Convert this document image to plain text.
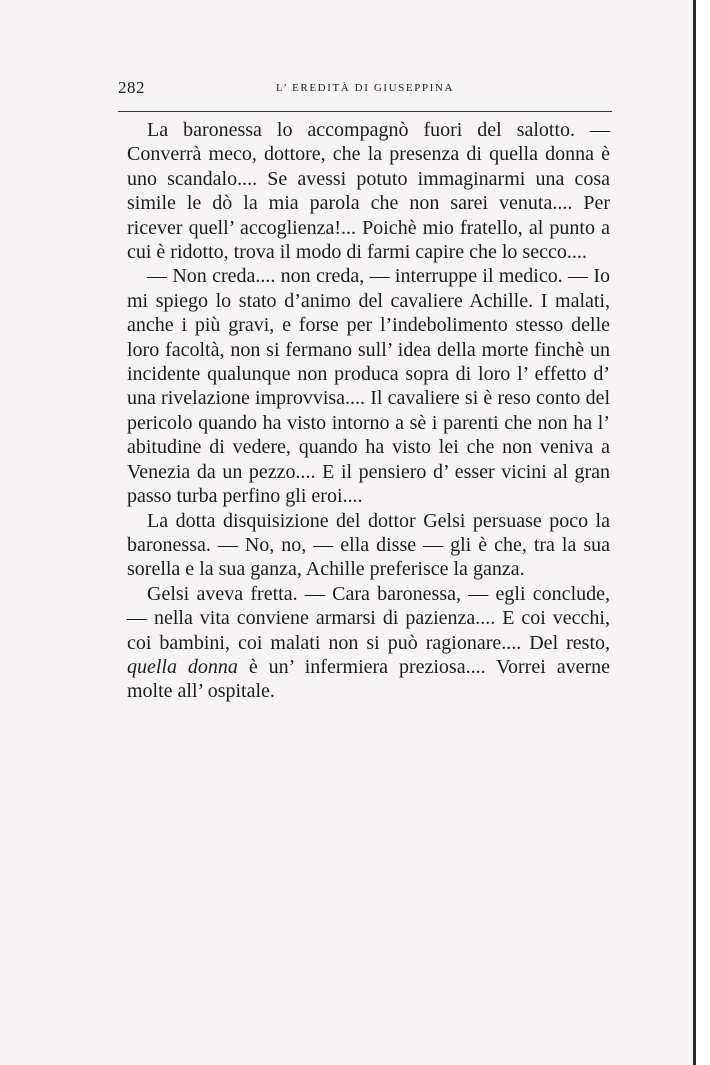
282	L’ EREDITÀ DI GIUSEPPINA

La baronessa lo accompagnò fuori del salotto. — Converrà meco, dottore, che la presenza di quella donna è uno scandalo.... Se avessi potuto immaginarmi una cosa simile le dò la mia parola che non sarei venuta.... Per ricever quell’ accoglienza!... Poichè mio fratello, al punto a cui è ridotto, trova il modo di farmi capire che lo secco....

— Non creda.... non creda, — interruppe il medico. — Io mi spiego lo stato d’animo del cavaliere Achille. I malati, anche i più gravi, e forse per l’indebolimento stesso delle loro facoltà, non si fermano sull’ idea della morte finchè un incidente qualunque non produca sopra di loro l’ effetto d’ una rivelazione improvvisa.... Il cavaliere si è reso conto del pericolo quando ha visto intorno a sè i parenti che non ha l’ abitudine di vedere, quando ha visto lei che non veniva a Venezia da un pezzo.... E il pensiero d’ esser vicini al gran passo turba perfino gli eroi....

La dotta disquisizione del dottor Gelsi persuase poco la baronessa. — No, no, — ella disse — gli è che, tra la sua sorella e la sua ganza, Achille preferisce la ganza.

Gelsi aveva fretta. — Cara baronessa, — egli conclude, — nella vita conviene armarsi di pazienza.... E coi vecchi, coi bambini, coi malati non si può ragionare.... Del resto, quella donna è un’ infermiera preziosa.... Vorrei averne molte all’ ospitale.
